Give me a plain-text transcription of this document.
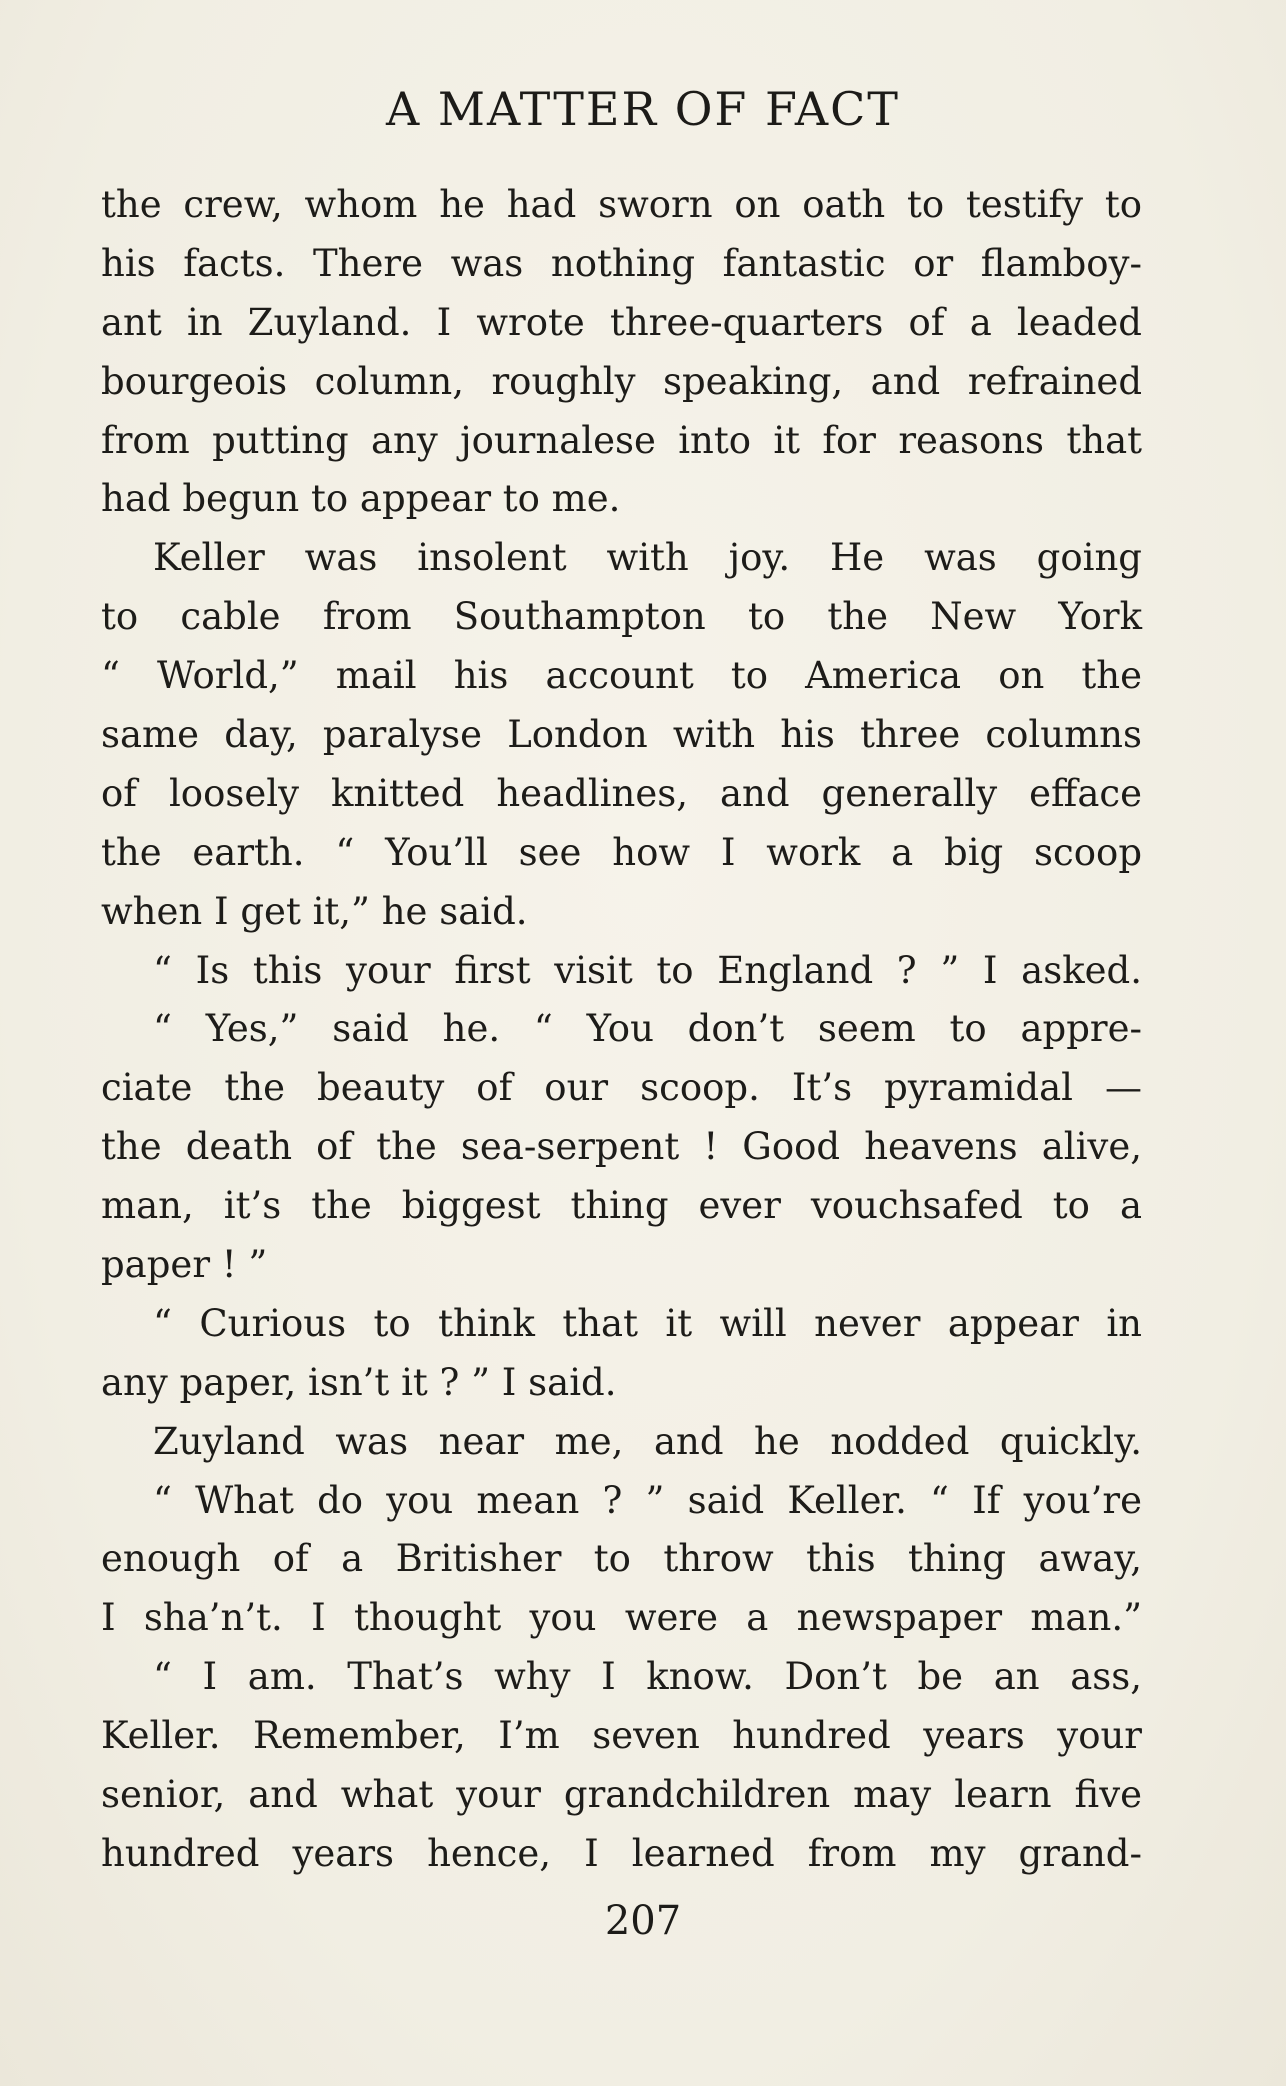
A MATTER OF FACT
the crew, whom he had sworn on oath to testify to
his facts. There was nothing fantastic or flamboy-
ant in Zuyland. I wrote three-quarters of a leaded
bourgeois column, roughly speaking, and refrained
from putting any journalese into it for reasons that
had begun to appear to me.
Keller was insolent with joy. He was going
to cable from Southampton to the New York
“ World,” mail his account to America on the
same day, paralyse London with his three columns
of loosely knitted headlines, and generally efface
the earth. “ You’ll see how I work a big scoop
when I get it,” he said.
“ Is this your first visit to England ? ” I asked.
“ Yes,” said he. “ You don’t seem to appre-
ciate the beauty of our scoop. It’s pyramidal —
the death of the sea-serpent ! Good heavens alive,
man, it’s the biggest thing ever vouchsafed to a
paper ! ”
“ Curious to think that it will never appear in
any paper, isn’t it ? ” I said.
Zuyland was near me, and he nodded quickly.
“ What do you mean ? ” said Keller. “ If you’re
enough of a Britisher to throw this thing away,
I sha’n’t. I thought you were a newspaper man.”
“ I am. That’s why I know. Don’t be an ass,
Keller. Remember, I’m seven hundred years your
senior, and what your grandchildren may learn five
hundred years hence, I learned from my grand-
207
